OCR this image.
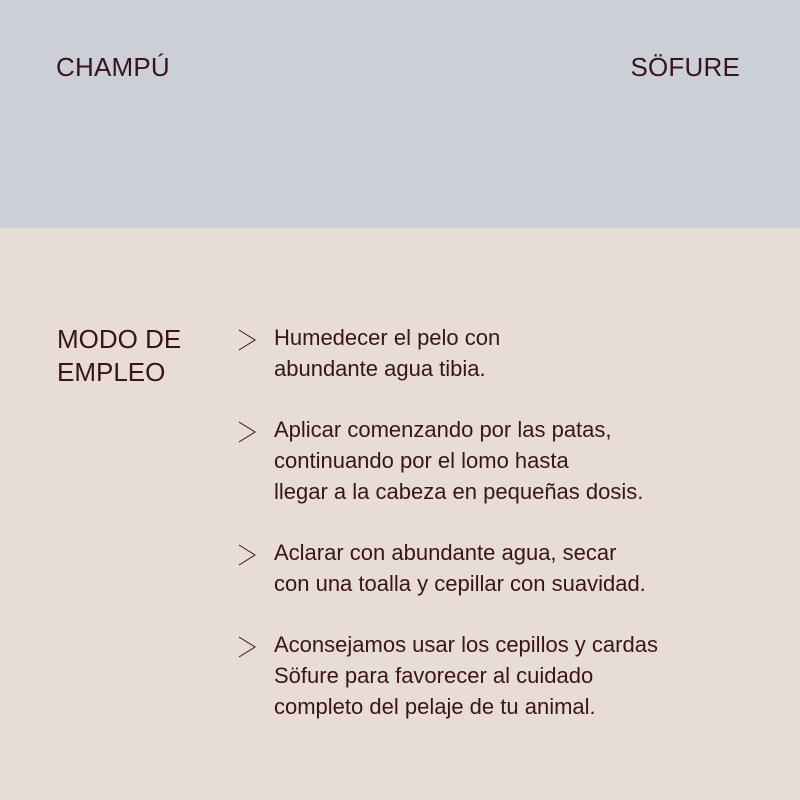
CHAMPÚ	SÖFURE
MODO DE
EMPLEO
Humedecer el pelo con
abundante agua tibia.
Aplicar comenzando por las patas,
continuando por el lomo hasta
llegar a la cabeza en pequeñas dosis.
Aclarar con abundante agua, secar
con una toalla y cepillar con suavidad.
Aconsejamos usar los cepillos y cardas
Söfure para favorecer al cuidado
completo del pelaje de tu animal.
